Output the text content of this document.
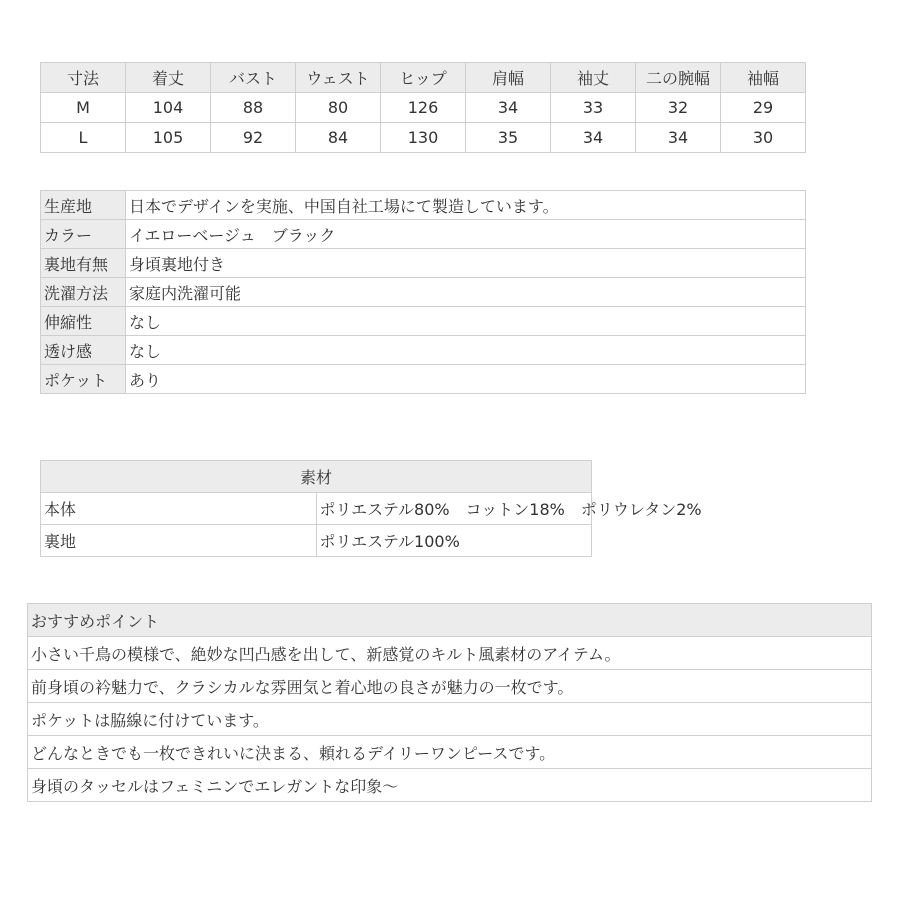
寸法	着丈	バスト	ウェスト	ヒップ	肩幅	袖丈	二の腕幅	袖幅
M	104	88	80	126	34	33	32	29
L	105	92	84	130	35	34	34	30
生産地	日本でデザインを実施、中国自社工場にて製造しています。
カラー	イエローベージュ　ブラック
裏地有無	身頃裏地付き
洗濯方法	家庭内洗濯可能
伸縮性	なし
透け感	なし
ポケット	あり
素材	
本体	ポリエステル80%　コットン18%　ポリウレタン2%
裏地	ポリエステル100%
おすすめポイント
小さい千鳥の模様で、絶妙な凹凸感を出して、新感覚のキルト風素材のアイテム。
前身頃の衿魅力で、クラシカルな雰囲気と着心地の良さが魅力の一枚です。
ポケットは脇線に付けています。
どんなときでも一枚できれいに決まる、頼れるデイリーワンピースです。
身頃のタッセルはフェミニンでエレガントな印象～
